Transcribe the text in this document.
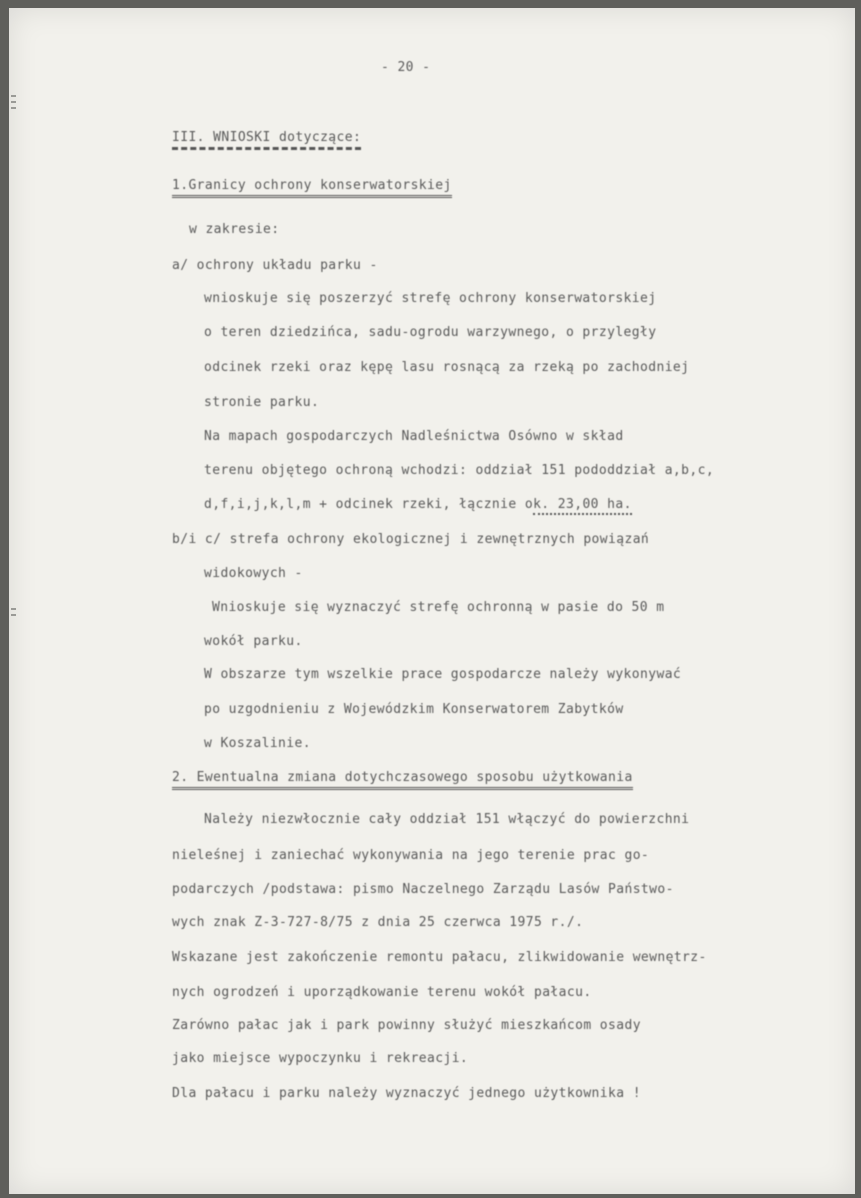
- 20 -
III. WNIOSKI dotyczące:
1.Granicy ochrony konserwatorskiej
w zakresie:
a/ ochrony układu parku -
wnioskuje się poszerzyć strefę ochrony konserwatorskiej
o teren dziedzińca, sadu-ogrodu warzywnego, o przyległy
odcinek rzeki oraz kępę lasu rosnącą za rzeką po zachodniej
stronie parku.
Na mapach gospodarczych Nadleśnictwa Osówno w skład
terenu objętego ochroną wchodzi: oddział 151 pododdział a,b,c,
d,f,i,j,k,l,m + odcinek rzeki, łącznie ok. 23,00 ha.
b/i c/ strefa ochrony ekologicznej i zewnętrznych powiązań
widokowych -
Wnioskuje się wyznaczyć strefę ochronną w pasie do 50 m
wokół parku.
W obszarze tym wszelkie prace gospodarcze należy wykonywać
po uzgodnieniu z Wojewódzkim Konserwatorem Zabytków
w Koszalinie.
2. Ewentualna zmiana dotychczasowego sposobu użytkowania
Należy niezwłocznie cały oddział 151 włączyć do powierzchni
nieleśnej i zaniechać wykonywania na jego terenie prac go-
podarczych /podstawa: pismo Naczelnego Zarządu Lasów Państwo-
wych znak Z-3-727-8/75 z dnia 25 czerwca 1975 r./.
Wskazane jest zakończenie remontu pałacu, zlikwidowanie wewnętrz-
nych ogrodzeń i uporządkowanie terenu wokół pałacu.
Zarówno pałac jak i park powinny służyć mieszkańcom osady
jako miejsce wypoczynku i rekreacji.
Dla pałacu i parku należy wyznaczyć jednego użytkownika !
